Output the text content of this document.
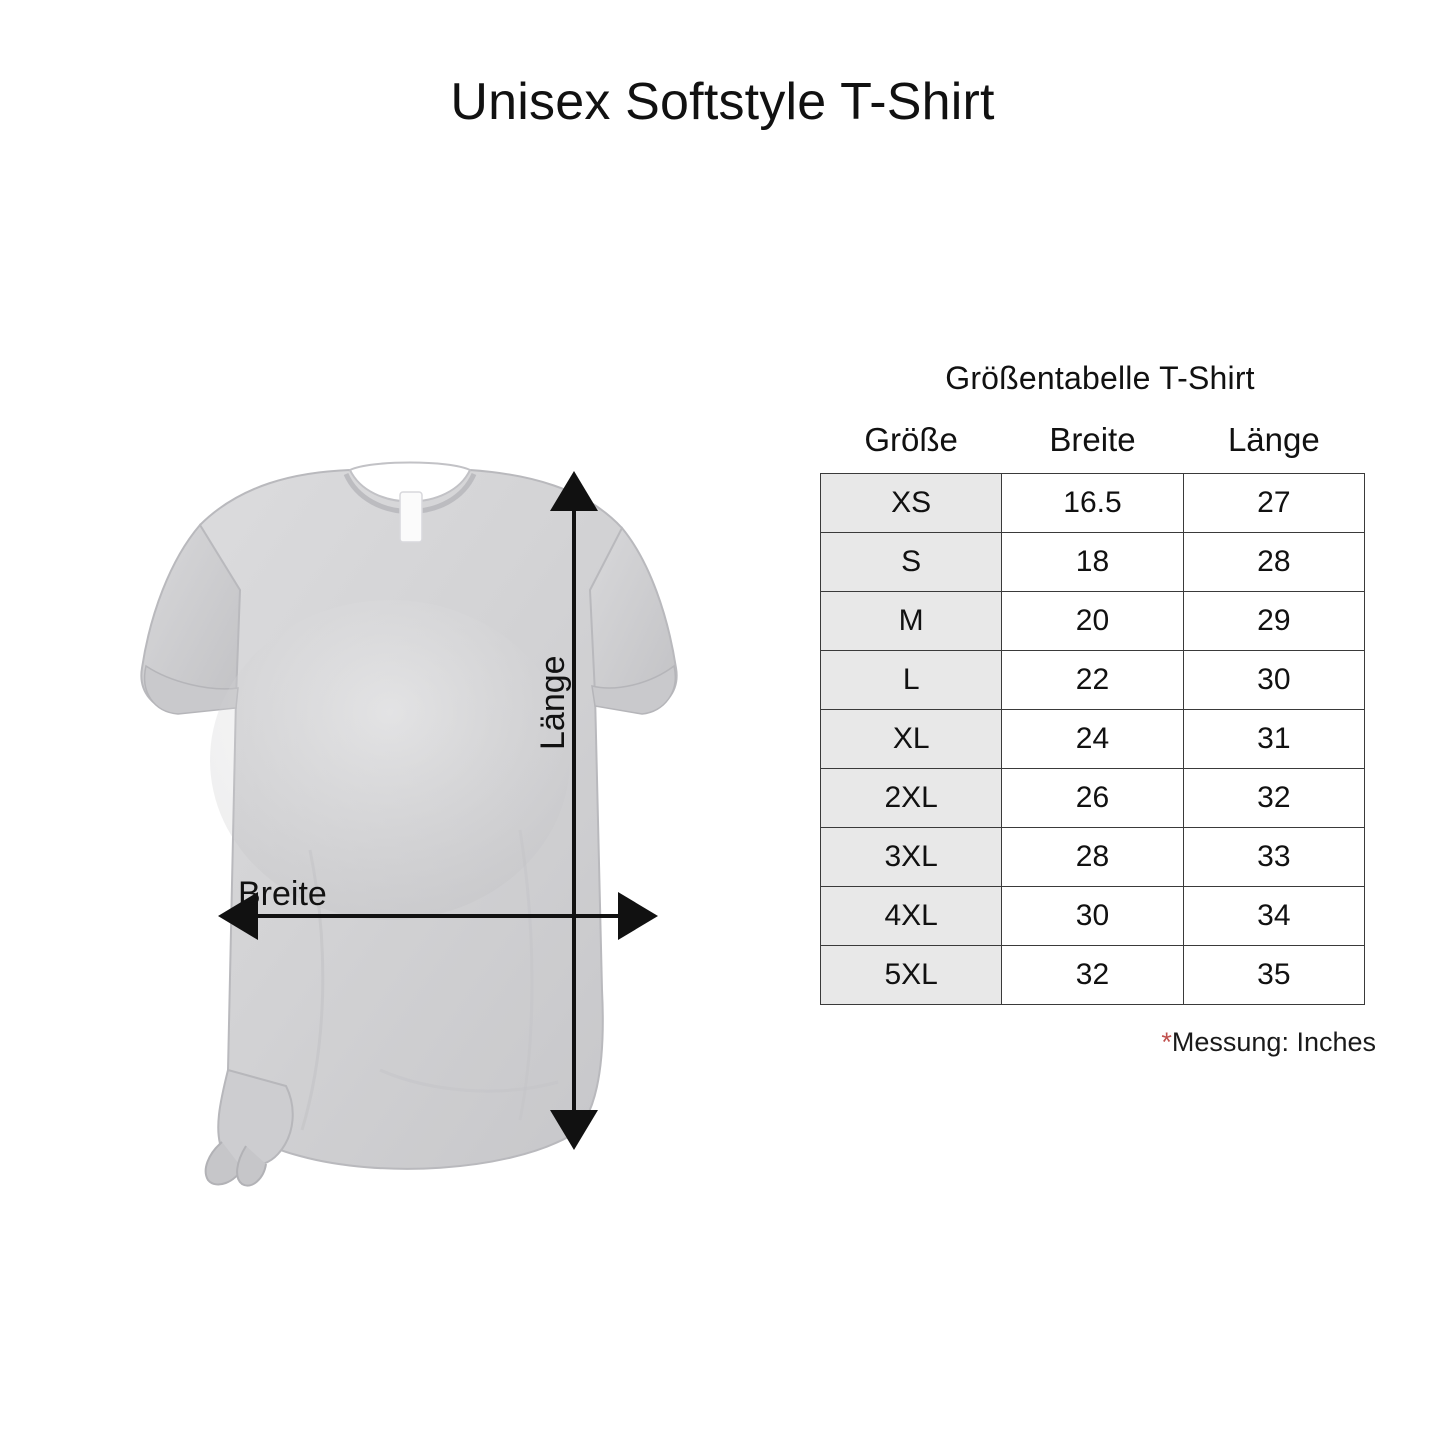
Unisex Softstyle T-Shirt
Breite
Länge
Größentabelle T-Shirt
Größe	Breite	Länge
XS	16.5	27
S	18	28
M	20	29
L	22	30
XL	24	31
2XL	26	32
3XL	28	33
4XL	30	34
5XL	32	35
*Messung: Inches
